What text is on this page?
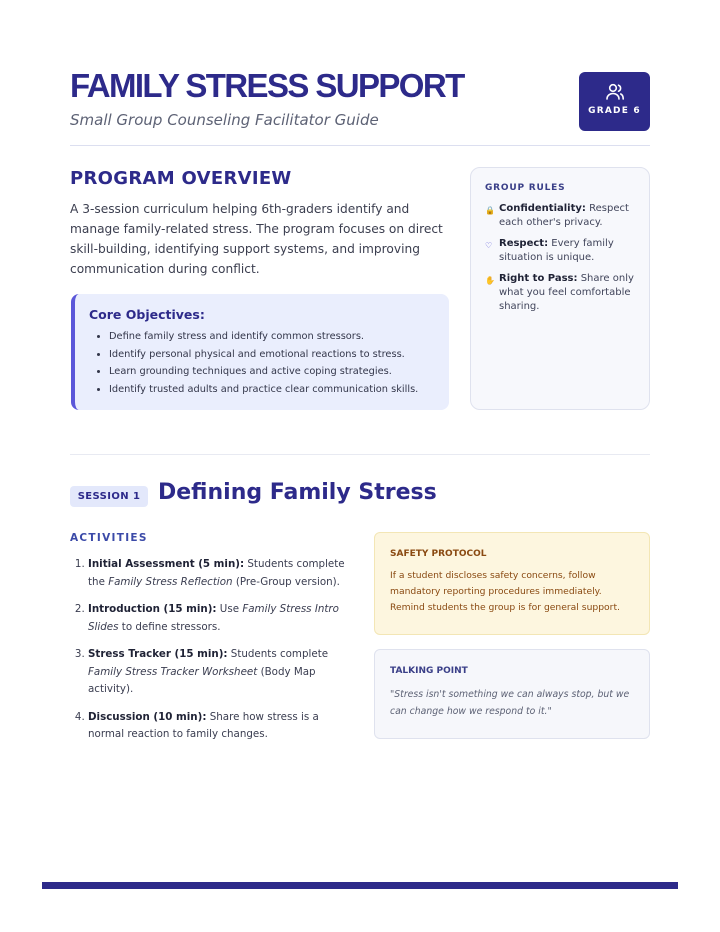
FAMILY STRESS SUPPORT
Small Group Counseling Facilitator Guide	GRADE 6
PROGRAM OVERVIEW

A 3-session curriculum helping 6th-graders identify and manage family-related stress. The program focuses on direct skill-building, identifying support systems, and improving communication during conflict.

Core Objectives:
• Define family stress and identify common stressors.
• Identify personal physical and emotional reactions to stress.
• Learn grounding techniques and active coping strategies.
• Identify trusted adults and practice clear communication skills.
GROUP RULES
🔒 Confidentiality: Respect each other's privacy.
♡ Respect: Every family situation is unique.
✋ Right to Pass: Share only what you feel comfortable sharing.
SESSION 1 Defining Family Stress
ACTIVITIES
1. Initial Assessment (5 min): Students complete the Family Stress Reflection (Pre-Group version).
2. Introduction (15 min): Use Family Stress Intro Slides to define stressors.
3. Stress Tracker (15 min): Students complete Family Stress Tracker Worksheet (Body Map activity).
4. Discussion (10 min): Share how stress is a normal reaction to family changes.
SAFETY PROTOCOL

If a student discloses safety concerns, follow mandatory reporting procedures immediately. Remind students the group is for general support.

TALKING POINT

"Stress isn't something we can always stop, but we can change how we respond to it."
